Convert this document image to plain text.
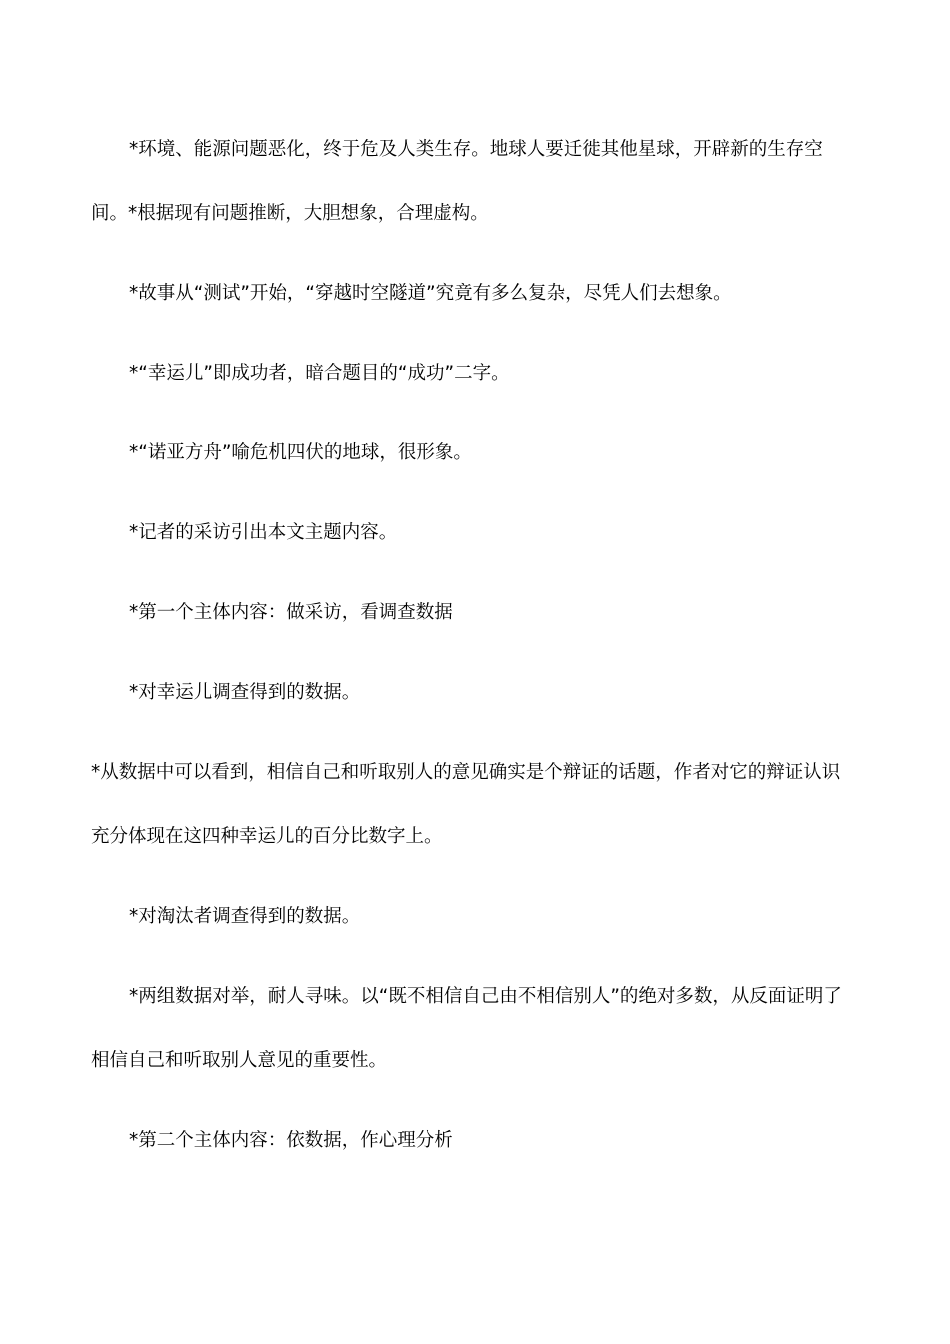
*环境、能源问题恶化，终于危及人类生存。地球人要迁徙其他星球，开辟新的生存空间。*根据现有问题推断，大胆想象，合理虚构。

*故事从“测试”开始，“穿越时空隧道”究竟有多么复杂，尽凭人们去想象。

*“幸运儿”即成功者，暗合题目的“成功”二字。

*“诺亚方舟”喻危机四伏的地球，很形象。

*记者的采访引出本文主题内容。

*第一个主体内容：做采访，看调查数据

*对幸运儿调查得到的数据。

*从数据中可以看到，相信自己和听取别人的意见确实是个辩证的话题，作者对它的辩证认识充分体现在这四种幸运儿的百分比数字上。

*对淘汰者调查得到的数据。

*两组数据对举，耐人寻味。以“既不相信自己由不相信别人”的绝对多数，从反面证明了相信自己和听取别人意见的重要性。

*第二个主体内容：依数据，作心理分析
